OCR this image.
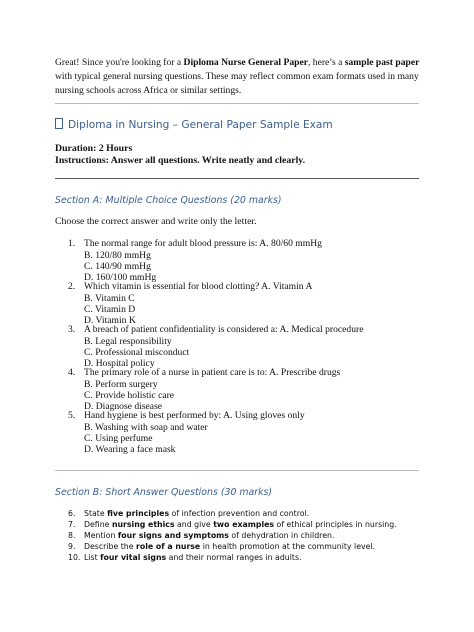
Great! Since you're looking for a Diploma Nurse General Paper, here’s a sample past paper with typical general nursing questions. These may reflect common exam formats used in many nursing schools across Africa or similar settings.
Diploma in Nursing – General Paper Sample Exam
Duration: 2 Hours
Instructions: Answer all questions. Write neatly and clearly.
Section A: Multiple Choice Questions (20 marks)
Choose the correct answer and write only the letter.
1. The normal range for adult blood pressure is: A. 80/60 mmHg
B. 120/80 mmHg
C. 140/90 mmHg
D. 160/100 mmHg
2. Which vitamin is essential for blood clotting? A. Vitamin A
B. Vitamin C
C. Vitamin D
D. Vitamin K
3. A breach of patient confidentiality is considered a: A. Medical procedure
B. Legal responsibility
C. Professional misconduct
D. Hospital policy
4. The primary role of a nurse in patient care is to: A. Prescribe drugs
B. Perform surgery
C. Provide holistic care
D. Diagnose disease
5. Hand hygiene is best performed by: A. Using gloves only
B. Washing with soap and water
C. Using perfume
D. Wearing a face mask
Section B: Short Answer Questions (30 marks)
6. State five principles of infection prevention and control.
7. Define nursing ethics and give two examples of ethical principles in nursing.
8. Mention four signs and symptoms of dehydration in children.
9. Describe the role of a nurse in health promotion at the community level.
10. List four vital signs and their normal ranges in adults.
